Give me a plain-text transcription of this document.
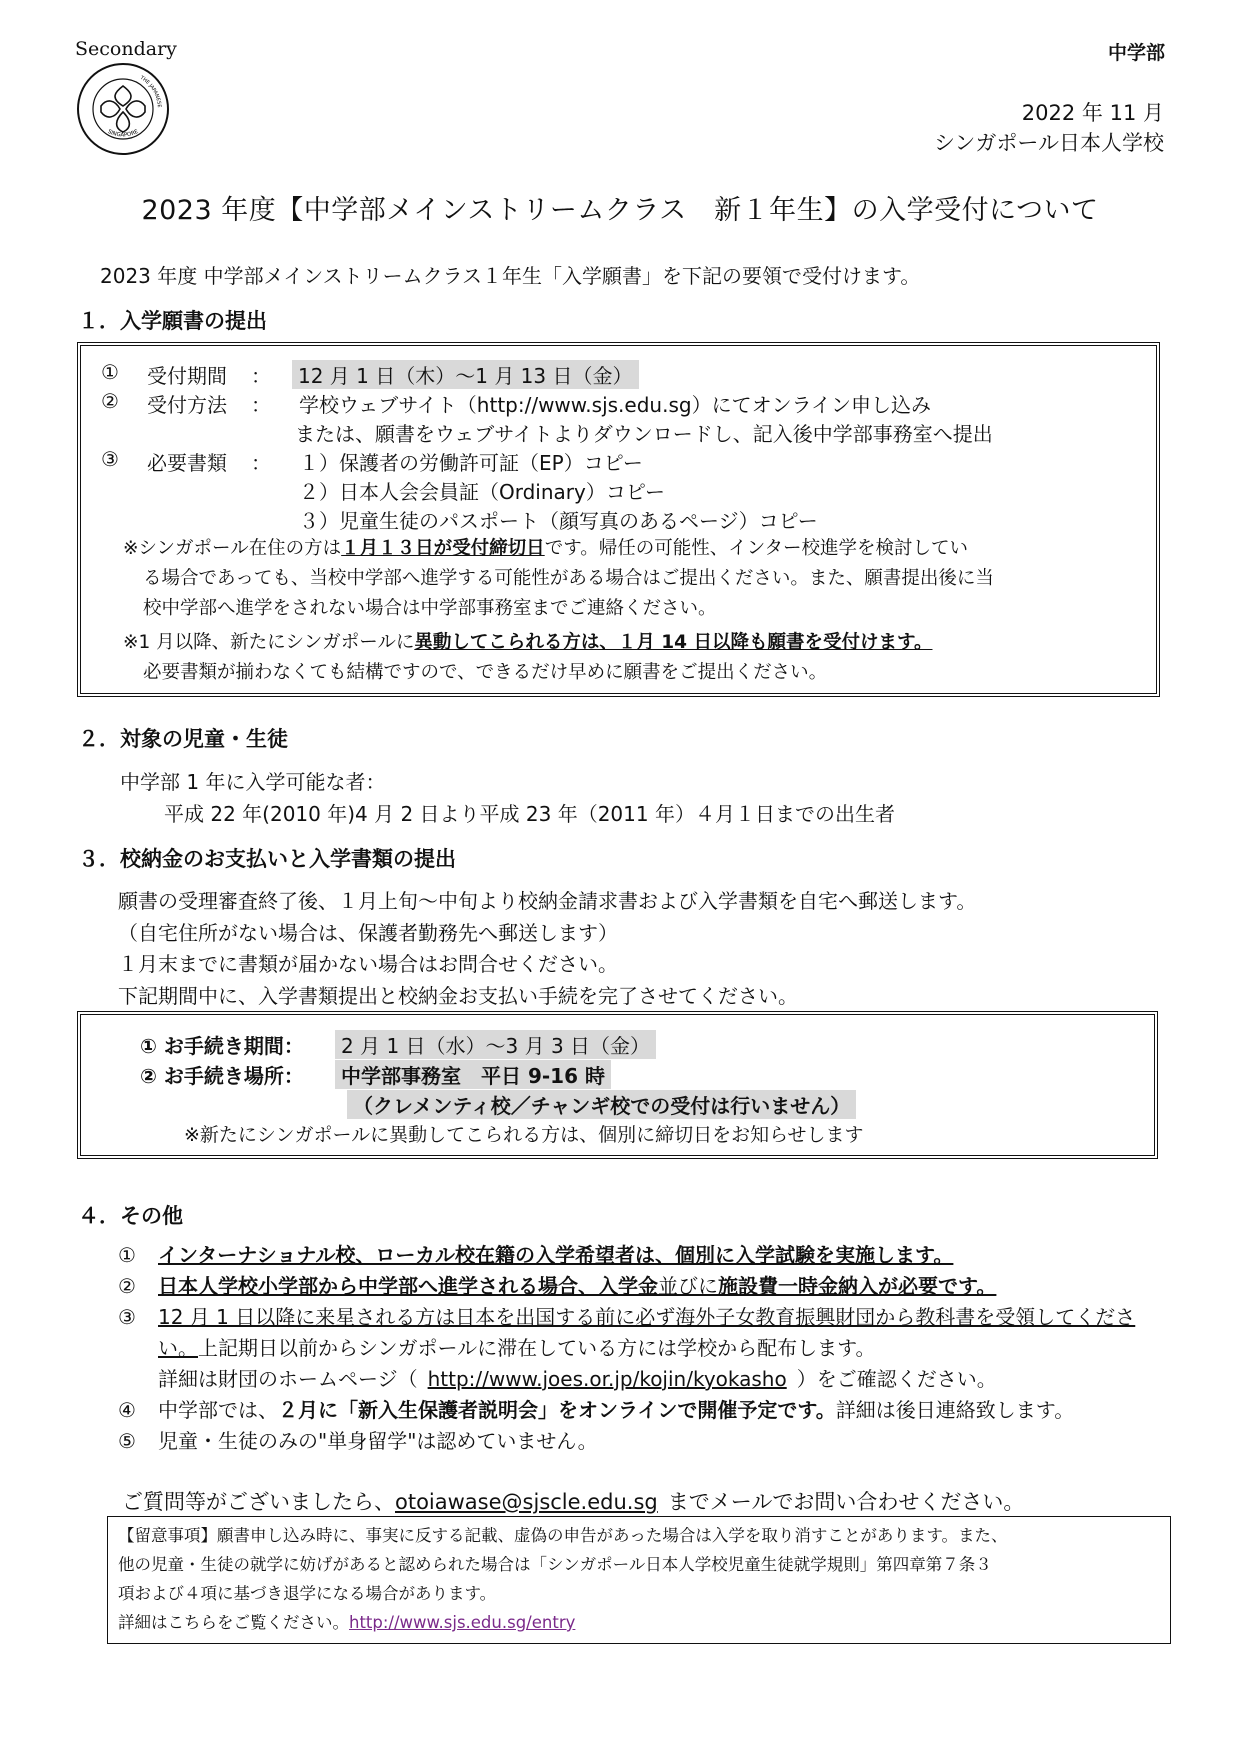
Secondary	中学部
THE JAPANESE
SINGAPORE
2022 年 11 月
シンガポール日本人学校
2023 年度【中学部メインストリームクラス　新１年生】の入学受付について
2023 年度 中学部メインストリームクラス１年生「入学願書」を下記の要領で受付けます。
１．入学願書の提出
① 受付期間 ：	12 月 1 日（木）～1 月 13 日（金）
② 受付方法 ： 学校ウェブサイト（http://www.sjs.edu.sg）にてオンライン申し込み
または、願書をウェブサイトよりダウンロードし、記入後中学部事務室へ提出
③ 必要書類 ： １）保護者の労働許可証（EP）コピー
２）日本人会会員証（Ordinary）コピー
３）児童生徒のパスポート（顔写真のあるページ）コピー
※シンガポール在住の方は１月１３日が受付締切日です。帰任の可能性、インター校進学を検討してい
る場合であっても、当校中学部へ進学する可能性がある場合はご提出ください。また、願書提出後に当
校中学部へ進学をされない場合は中学部事務室までご連絡ください。
※1 月以降、新たにシンガポールに異動してこられる方は、１月 14 日以降も願書を受付けます。
必要書類が揃わなくても結構ですので、できるだけ早めに願書をご提出ください。
２．対象の児童・生徒
中学部 1 年に入学可能な者：
平成 22 年(2010 年)4 月 2 日より平成 23 年（2011 年）４月１日までの出生者
３．校納金のお支払いと入学書類の提出
願書の受理審査終了後、１月上旬～中旬より校納金請求書および入学書類を自宅へ郵送します。
（自宅住所がない場合は、保護者勤務先へ郵送します）
１月末までに書類が届かない場合はお問合せください。
下記期間中に、入学書類提出と校納金お支払い手続を完了させてください。
① お手続き期間：	2 月 1 日（水）～3 月 3 日（金）
② お手続き場所：	中学部事務室　平日 9-16 時
（クレメンティ校／チャンギ校での受付は行いません）
※新たにシンガポールに異動してこられる方は、個別に締切日をお知らせします
４．その他
① インターナショナル校、ローカル校在籍の入学希望者は、個別に入学試験を実施します。
② 日本人学校小学部から中学部へ進学される場合、入学金並びに施設費一時金納入が必要です。
③ 12 月 1 日以降に来星される方は日本を出国する前に必ず海外子女教育振興財団から教科書を受領してください。上記期日以前からシンガポールに滞在している方には学校から配布します。
詳細は財団のホームページ（ http://www.joes.or.jp/kojin/kyokasho ）をご確認ください。
④ 中学部では、２月に「新入生保護者説明会」をオンラインで開催予定です。詳細は後日連絡致します。
⑤ 児童・生徒のみの"単身留学"は認めていません。
ご質問等がございましたら、otoiawase@sjscle.edu.sg までメールでお問い合わせください。
【留意事項】願書申し込み時に、事実に反する記載、虚偽の申告があった場合は入学を取り消すことがあります。また、
他の児童・生徒の就学に妨げがあると認められた場合は「シンガポール日本人学校児童生徒就学規則」第四章第７条３
項および４項に基づき退学になる場合があります。
詳細はこちらをご覧ください。http://www.sjs.edu.sg/entry
